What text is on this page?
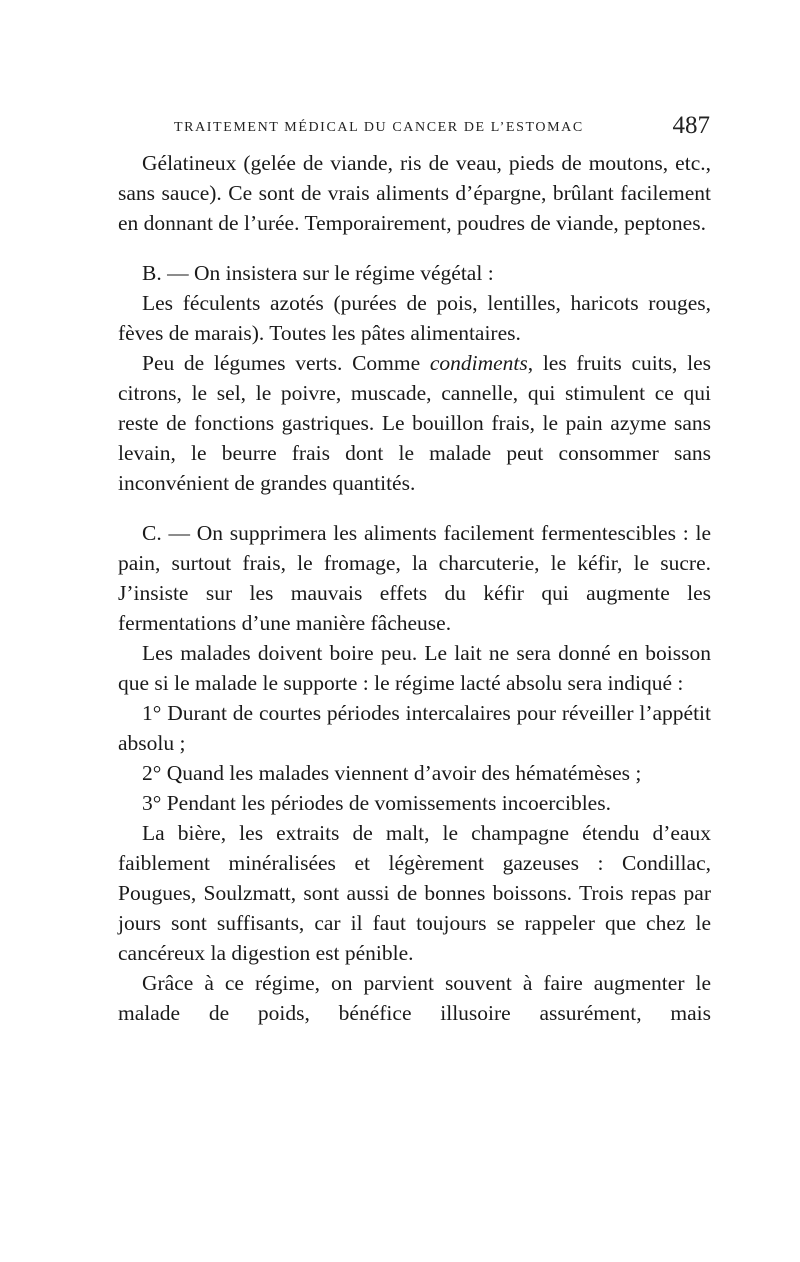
TRAITEMENT MÉDICAL DU CANCER DE L’ESTOMAC	487

Gélatineux (gelée de viande, ris de veau, pieds de moutons, etc., sans sauce). Ce sont de vrais aliments d’épargne, brûlant facilement en donnant de l’urée. Temporairement, poudres de viande, peptones.

B. — On insistera sur le régime végétal :

Les féculents azotés (purées de pois, lentilles, haricots rouges, fèves de marais). Toutes les pâtes alimentaires.

Peu de légumes verts. Comme condiments, les fruits cuits, les citrons, le sel, le poivre, muscade, cannelle, qui stimulent ce qui reste de fonctions gastriques. Le bouillon frais, le pain azyme sans levain, le beurre frais dont le malade peut consommer sans inconvénient de grandes quantités.

C. — On supprimera les aliments facilement fermentescibles : le pain, surtout frais, le fromage, la charcuterie, le kéfir, le sucre. J’insiste sur les mauvais effets du kéfir qui augmente les fermentations d’une manière fâcheuse.

Les malades doivent boire peu. Le lait ne sera donné en boisson que si le malade le supporte : le régime lacté absolu sera indiqué :

1° Durant de courtes périodes intercalaires pour réveiller l’appétit absolu ;

2° Quand les malades viennent d’avoir des hématémèses ;

3° Pendant les périodes de vomissements incoercibles.

La bière, les extraits de malt, le champagne étendu d’eaux faiblement minéralisées et légèrement gazeuses : Condillac, Pougues, Soulzmatt, sont aussi de bonnes boissons. Trois repas par jours sont suffisants, car il faut toujours se rappeler que chez le cancéreux la digestion est pénible.

Grâce à ce régime, on parvient souvent à faire augmenter le malade de poids, bénéfice illusoire assurément, mais
